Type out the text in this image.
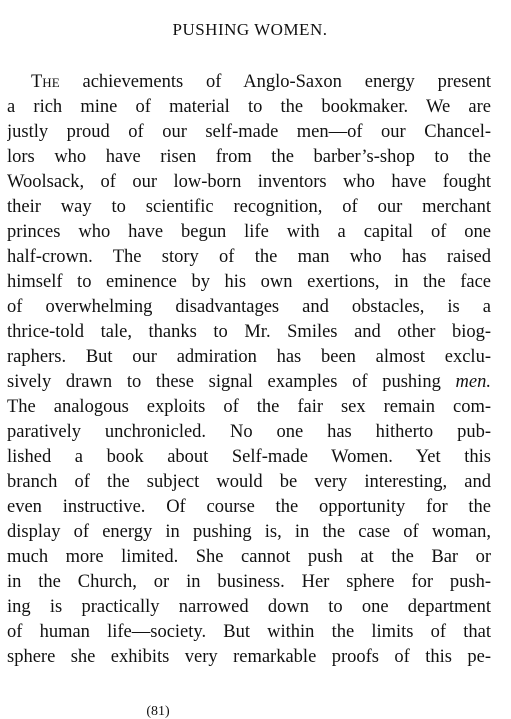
PUSHING WOMEN.
The achievements of Anglo-Saxon energy present
a rich mine of material to the bookmaker. We are
justly proud of our self-made men—of our Chancel-
lors who have risen from the barber’s-shop to the
Woolsack, of our low-born inventors who have fought
their way to scientific recognition, of our merchant
princes who have begun life with a capital of one
half-crown. The story of the man who has raised
himself to eminence by his own exertions, in the face
of overwhelming disadvantages and obstacles, is a
thrice-told tale, thanks to Mr. Smiles and other biog-
raphers. But our admiration has been almost exclu-
sively drawn to these signal examples of pushing men.
The analogous exploits of the fair sex remain com-
paratively unchronicled. No one has hitherto pub-
lished a book about Self-made Women. Yet this
branch of the subject would be very interesting, and
even instructive. Of course the opportunity for the
display of energy in pushing is, in the case of woman,
much more limited. She cannot push at the Bar or
in the Church, or in business. Her sphere for push-
ing is practically narrowed down to one department
of human life—society. But within the limits of that
sphere she exhibits very remarkable proofs of this pe-
(81)
